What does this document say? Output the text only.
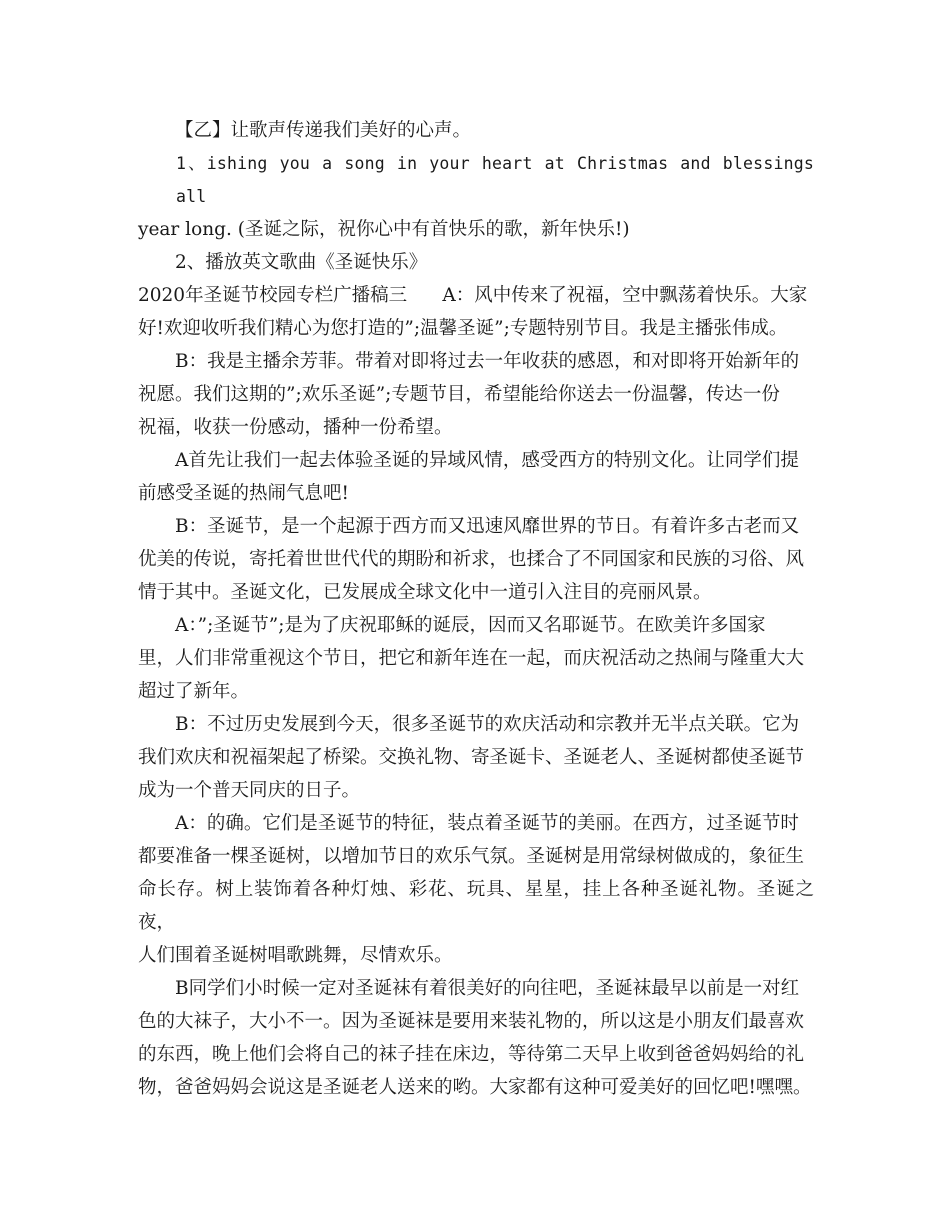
【乙】让歌声传递我们美好的心声。

1、ishing you a song in your heart at Christmas and blessings all
year long. (圣诞之际，祝你心中有首快乐的歌，新年快乐!)

2、播放英文歌曲《圣诞快乐》

2020年圣诞节校园专栏广播稿三      A：风中传来了祝福，空中飘荡着快乐。大家
好!欢迎收听我们精心为您打造的”;温馨圣诞”;专题特别节目。我是主播张伟成。

B：我是主播余芳菲。带着对即将过去一年收获的感恩，和对即将开始新年的
祝愿。我们这期的”;欢乐圣诞”;专题节目，希望能给你送去一份温馨，传达一份
祝福，收获一份感动，播种一份希望。

A首先让我们一起去体验圣诞的异域风情，感受西方的特别文化。让同学们提
前感受圣诞的热闹气息吧!

B：圣诞节，是一个起源于西方而又迅速风靡世界的节日。有着许多古老而又
优美的传说，寄托着世世代代的期盼和祈求，也揉合了不同国家和民族的习俗、风
情于其中。圣诞文化，已发展成全球文化中一道引入注目的亮丽风景。

A：”;圣诞节”;是为了庆祝耶稣的诞辰，因而又名耶诞节。在欧美许多国家
里，人们非常重视这个节日，把它和新年连在一起，而庆祝活动之热闹与隆重大大
超过了新年。

B：不过历史发展到今天，很多圣诞节的欢庆活动和宗教并无半点关联。它为
我们欢庆和祝福架起了桥梁。交换礼物、寄圣诞卡、圣诞老人、圣诞树都使圣诞节
成为一个普天同庆的日子。

A：的确。它们是圣诞节的特征，装点着圣诞节的美丽。在西方，过圣诞节时
都要准备一棵圣诞树，以增加节日的欢乐气氛。圣诞树是用常绿树做成的，象征生
命长存。树上装饰着各种灯烛、彩花、玩具、星星，挂上各种圣诞礼物。圣诞之夜，
人们围着圣诞树唱歌跳舞，尽情欢乐。

B同学们小时候一定对圣诞袜有着很美好的向往吧，圣诞袜最早以前是一对红
色的大袜子，大小不一。因为圣诞袜是要用来装礼物的，所以这是小朋友们最喜欢
的东西，晚上他们会将自己的袜子挂在床边，等待第二天早上收到爸爸妈妈给的礼
物，爸爸妈妈会说这是圣诞老人送来的哟。大家都有这种可爱美好的回忆吧!嘿嘿。
